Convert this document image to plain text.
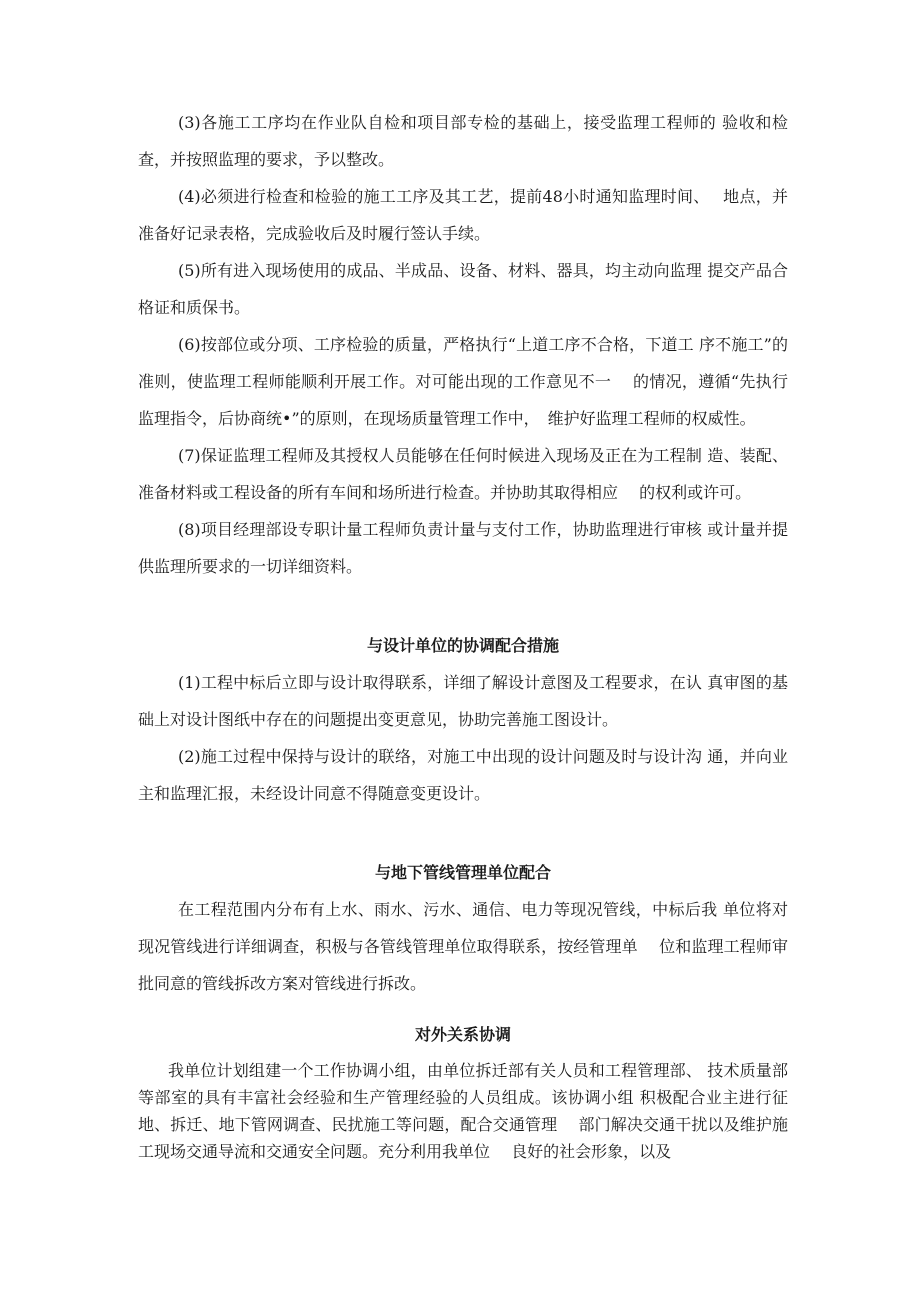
(3)各施工工序均在作业队自检和项目部专检的基础上，接受监理工程师的 验收和检查，并按照监理的要求，予以整改。

(4)必须进行检查和检验的施工工序及其工艺，提前48小时通知监理时间、　 地点，并准备好记录表格，完成验收后及时履行签认手续。

(5)所有进入现场使用的成品、半成品、设备、材料、器具，均主动向监理 提交产品合格证和质保书。

(6)按部位或分项、工序检验的质量，严格执行“上道工序不合格，下道工 序不施工”的准则，使监理工程师能顺利开展工作。对可能出现的工作意见不一　 的情况，遵循“先执行监理指令，后协商统•”的原则，在现场质量管理工作中，　维护好监理工程师的权威性。

(7)保证监理工程师及其授权人员能够在任何时候进入现场及正在为工程制 造、装配、准备材料或工程设备的所有车间和场所进行检查。并协助其取得相应　 的权利或许可。

(8)项目经理部设专职计量工程师负责计量与支付工作，协助监理进行审核 或计量并提供监理所要求的一切详细资料。

与设计单位的协调配合措施

(1)工程中标后立即与设计取得联系，详细了解设计意图及工程要求，在认 真审图的基础上对设计图纸中存在的问题提出变更意见，协助完善施工图设计。

(2)施工过程中保持与设计的联络，对施工中出现的设计问题及时与设计沟 通，并向业主和监理汇报，未经设计同意不得随意变更设计。

与地下管线管理单位配合

在工程范围内分布有上水、雨水、污水、通信、电力等现况管线，中标后我 单位将对现况管线进行详细调查，积极与各管线管理单位取得联系，按经管理单　 位和监理工程师审批同意的管线拆改方案对管线进行拆改。

对外关系协调

我单位计划组建一个工作协调小组，由单位拆迁部有关人员和工程管理部、 技术质量部等部室的具有丰富社会经验和生产管理经验的人员组成。该协调小组 积极配合业主进行征地、拆迁、地下管网调查、民扰施工等问题，配合交通管理　 部门解决交通干扰以及维护施工现场交通导流和交通安全问题。充分利用我单位　 良好的社会形象，以及
